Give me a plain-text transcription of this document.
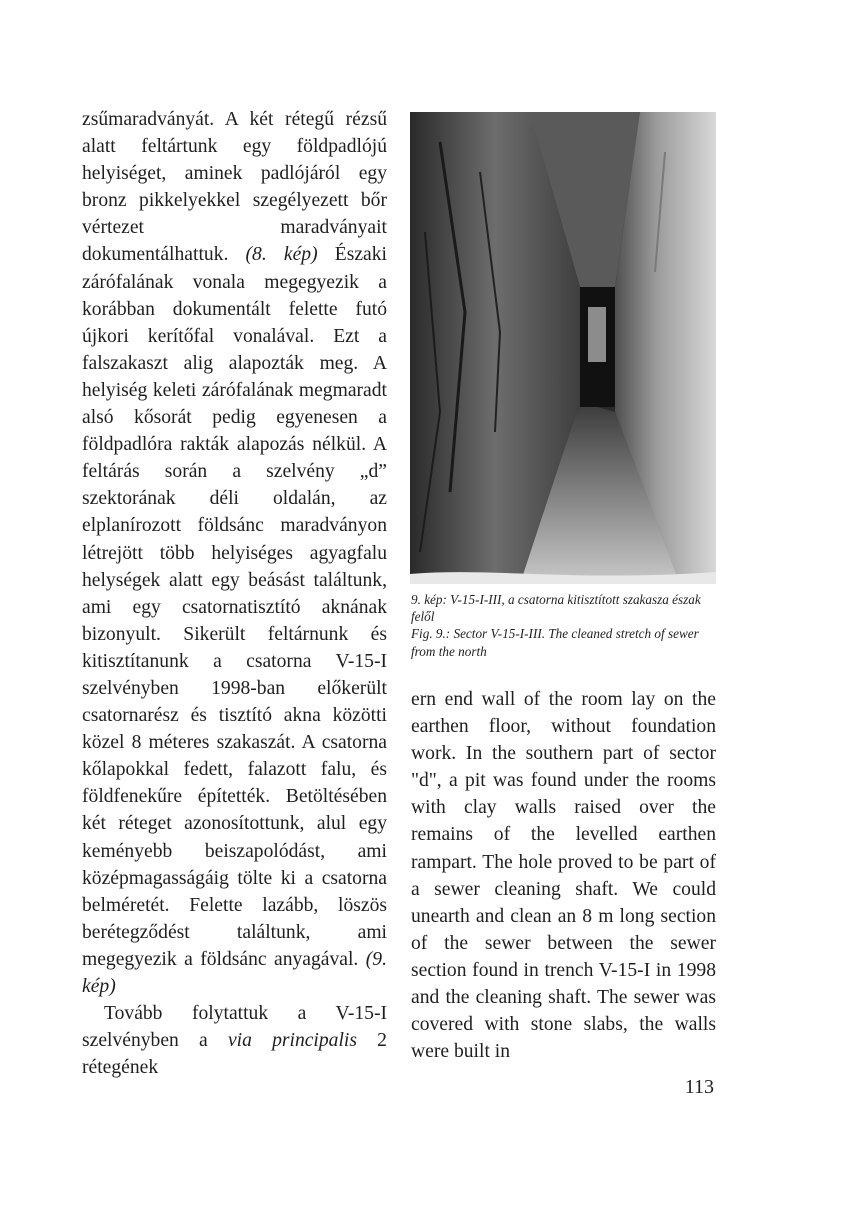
zsűmaradványát. A két rétegű rézsű alatt feltártunk egy földpadlójú helyiséget, aminek padlójáról egy bronz pikkelyekkel szegélyezett bőr vértezet maradványait dokumentálhattuk. (8. kép) Északi zárófalának vonala megegyezik a korábban dokumentált felette futó újkori kerítőfal vonalával. Ezt a falszakaszt alig alapozták meg. A helyiség keleti zárófalának megmaradt alsó kősorát pedig egyenesen a földpadlóra rakták alapozás nélkül. A feltárás során a szelvény „d” szektorának déli oldalán, az elplanírozott földsánc maradványon létrejött több helyiséges agyagfalu helységek alatt egy beásást találtunk, ami egy csatornatisztító aknának bizonyult. Sikerült feltárnunk és kitisztítanunk a csatorna V-15-I szelvényben 1998-ban előkerült csatornarész és tisztító akna közötti közel 8 méteres szakaszát. A csatorna kőlapokkal fedett, falazott falu, és földfenekűre építették. Betöltésében két réteget azonosítottunk, alul egy keményebb beiszapolódást, ami középmagasságáig tölte ki a csatorna belméretét. Felette lazább, löszös berétegződést találtunk, ami megegyezik a földsánc anyagával. (9. kép)

Tovább folytattuk a V-15-I szelvényben a via principalis 2 rétegének

9. kép: V-15-I-III, a csatorna kitisztított szakasza észak felől
Fig. 9.: Sector V-15-I-III. The cleaned stretch of sewer from the north

ern end wall of the room lay on the earthen floor, without foundation work. In the southern part of sector "d", a pit was found under the rooms with clay walls raised over the remains of the levelled earthen rampart. The hole proved to be part of a sewer cleaning shaft. We could unearth and clean an 8 m long section of the sewer between the sewer section found in trench V-15-I in 1998 and the cleaning shaft. The sewer was covered with stone slabs, the walls were built in

113
